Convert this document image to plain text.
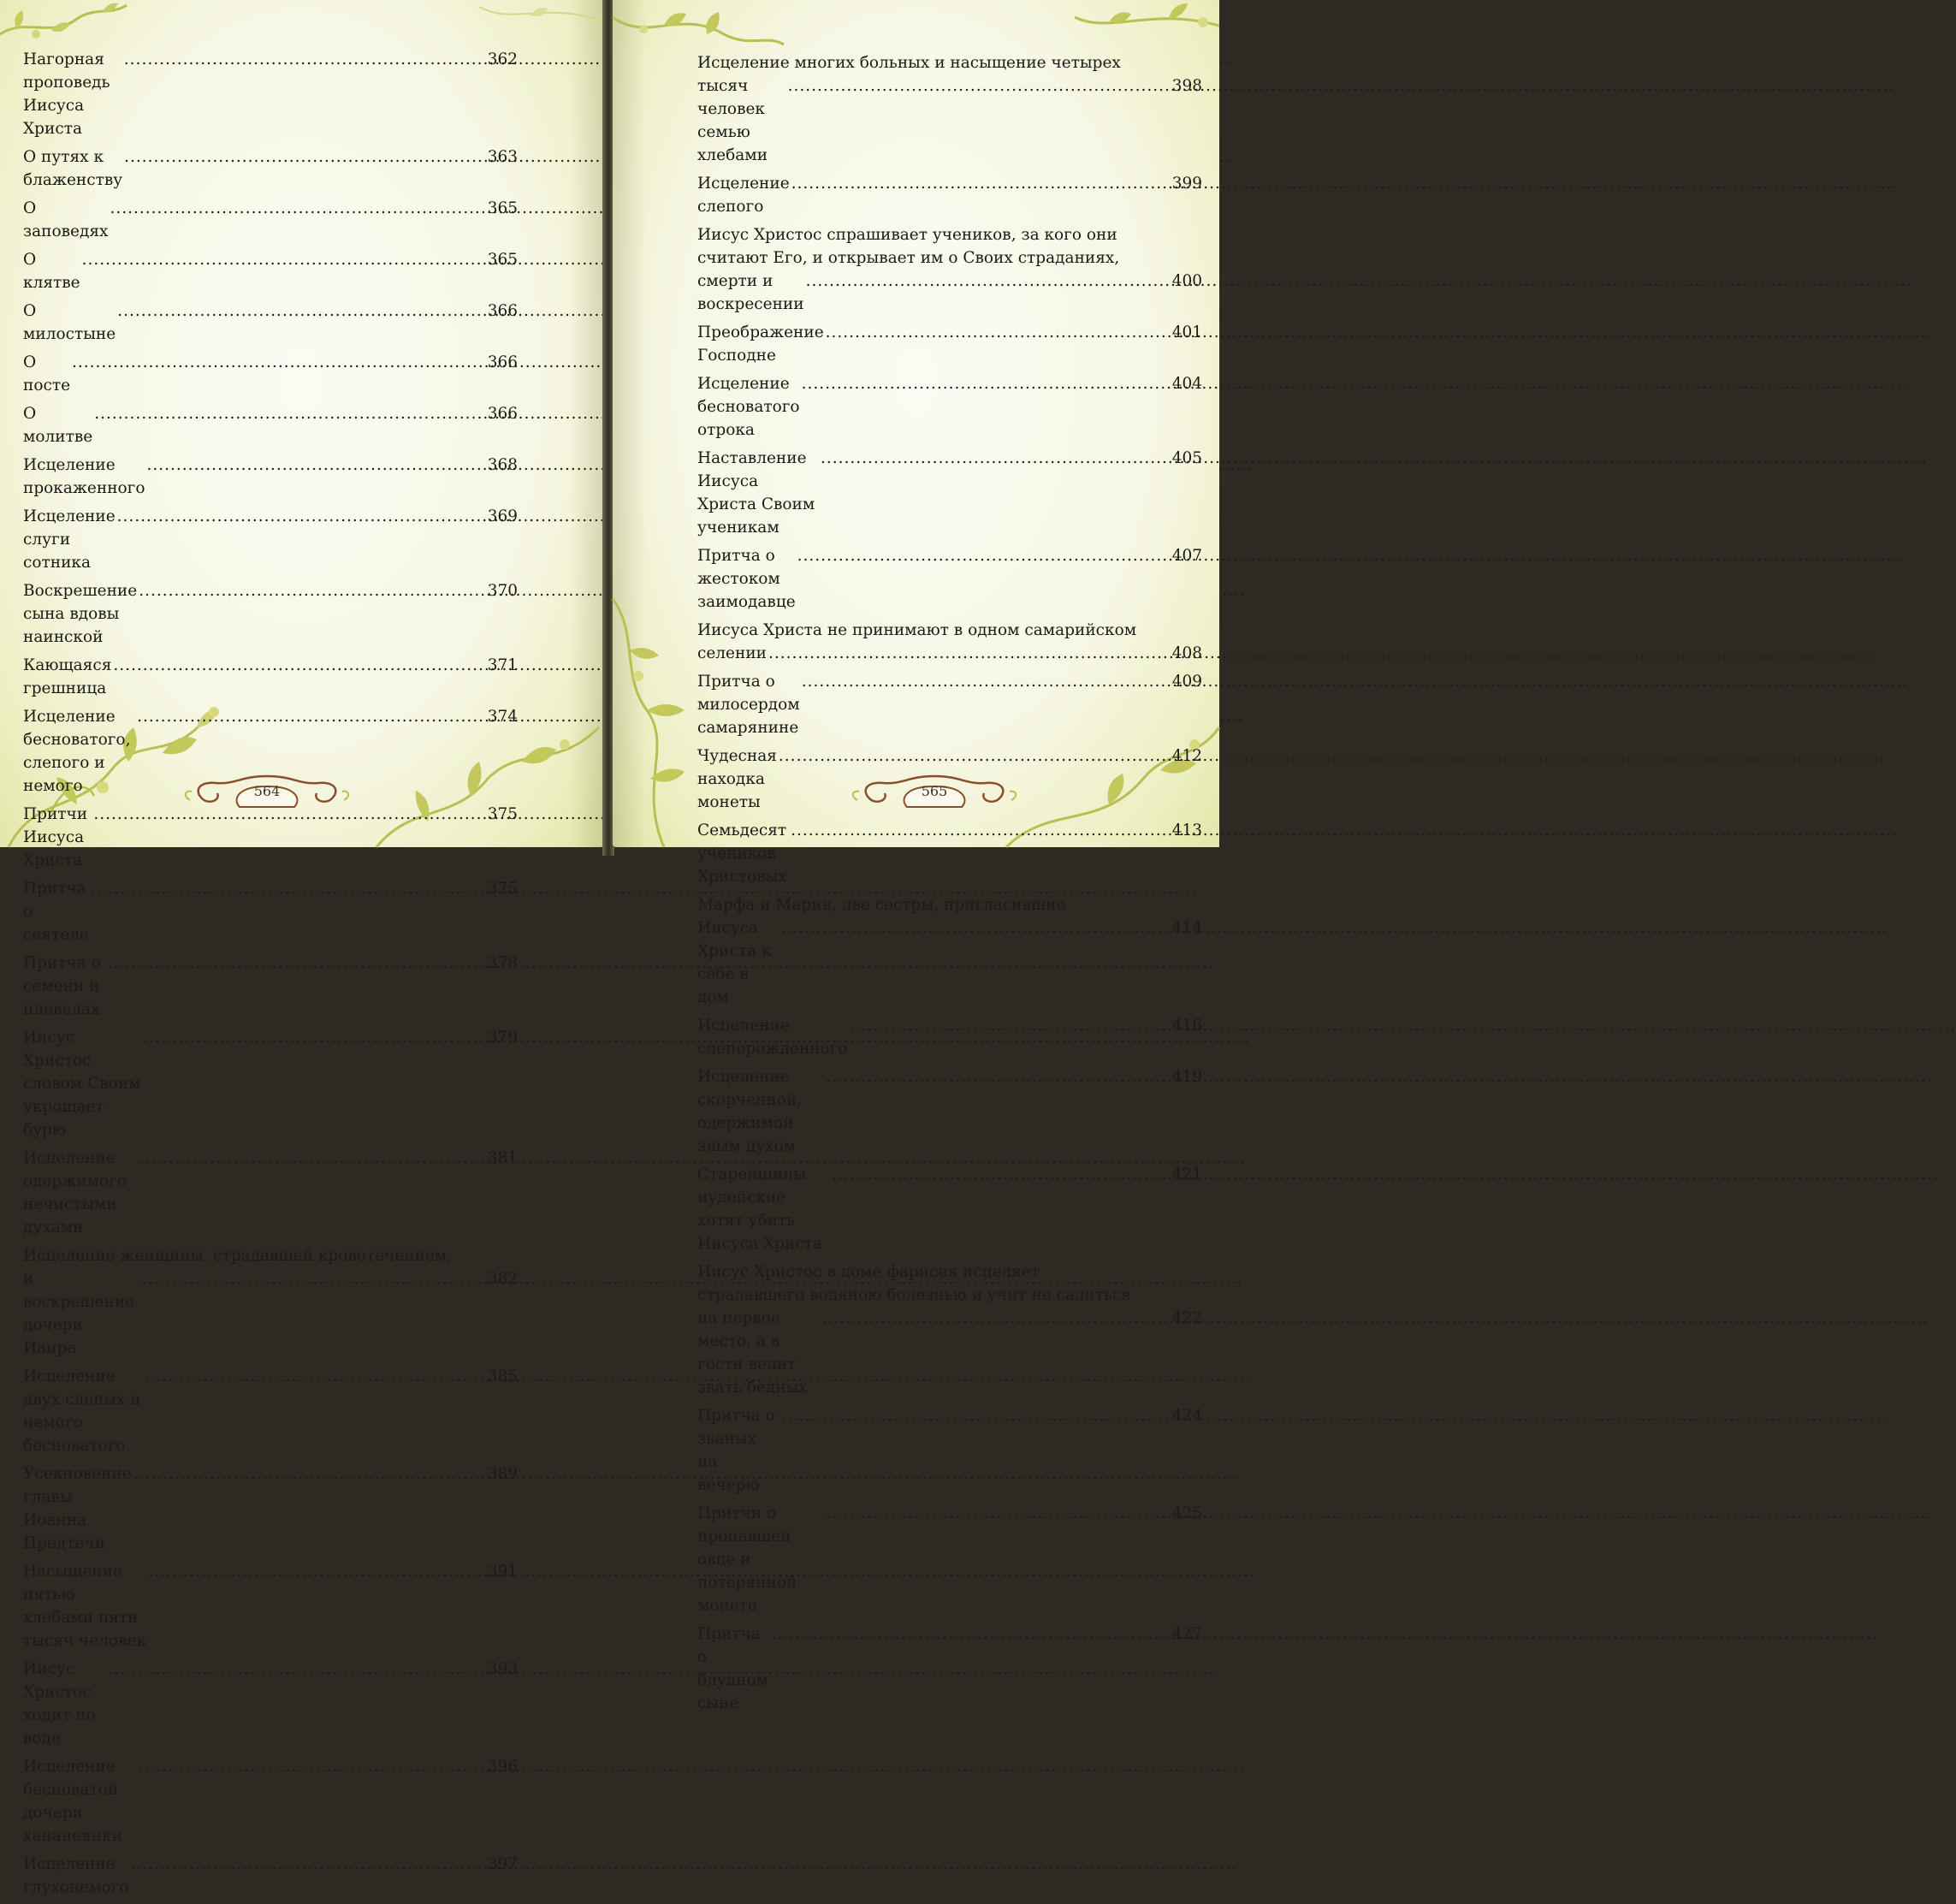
Нагорная проповедь Иисуса Христа
.....
362
О путях к блаженству
.....
363
О заповедях
.....
365
О клятве
.....
365
О милостыне
.....
366
О посте
.....
366
О молитве
.....
366
Исцеление прокаженного
.....
368
Исцеление слуги сотника
.....
369
Воскрешение сына вдовы наинской
.....
370
Кающаяся грешница
.....
371
Исцеление бесноватого, слепого и немого
.....
374
Притчи Иисуса Христа
.....
375
Притча о сеятеле
.....
375
Притча о семени и плевелах
.....
378
Иисус Христос словом Своим укрощает бурю
.....
379
Исцеление одержимого нечистыми духами
.....
381
Исцеление женщины, страдавшей кровотечением,
и воскрешение дочери Иаира
.....
382
Исцеление двух слепых и немого бесноватого
.....
385
Усекновение главы Иоанна Предтечи
.....
389
Насыщение пятью хлебами пяти тысяч человек
.....
391
Иисус Христос ходит по воде
.....
393
Исцеление бесноватой дочери хананеянки
.....
396
Исцеление глухонемого
.....
397
564
Исцеление многих больных и насыщение четырех
тысяч человек семью хлебами
.....
398
Исцеление слепого
.....
399
Иисус Христос спрашивает учеников, за кого они
считают Его, и открывает им о Своих страданиях,
смерти и воскресении
.....
400
Преображение Господне
.....
401
Исцеление бесноватого отрока
.....
404
Наставление Иисуса Христа Своим ученикам
.....
405
Притча о жестоком заимодавце
.....
407
Иисуса Христа не принимают в одном самарийском
селении
.....	408
Притча о милосердом самарянине
.....
409
Чудесная находка монеты
.....
412
Семьдесят учеников Христовых
.....
413
Марфа и Мария, две сестры, пригласившие
Иисуса Христа к себе в дом
.....
414
Исцеление слепорожденного
.....
416
Исцеление скорченной, одержимой злым духом
.....
419
Старейшины иудейские хотят убить Иисуса Христа
.....
421
Иисус Христос в доме фарисея исцеляет
страдавшего водяною болезнью и учит не садиться
на первое место, а в гости велит звать бедных
.....
422
Притча о званых на вечерю
.....
424
Притчи о пропавшей овце и потерянной монете
.....
425
Притча о блудном сыне
.....
427
565
